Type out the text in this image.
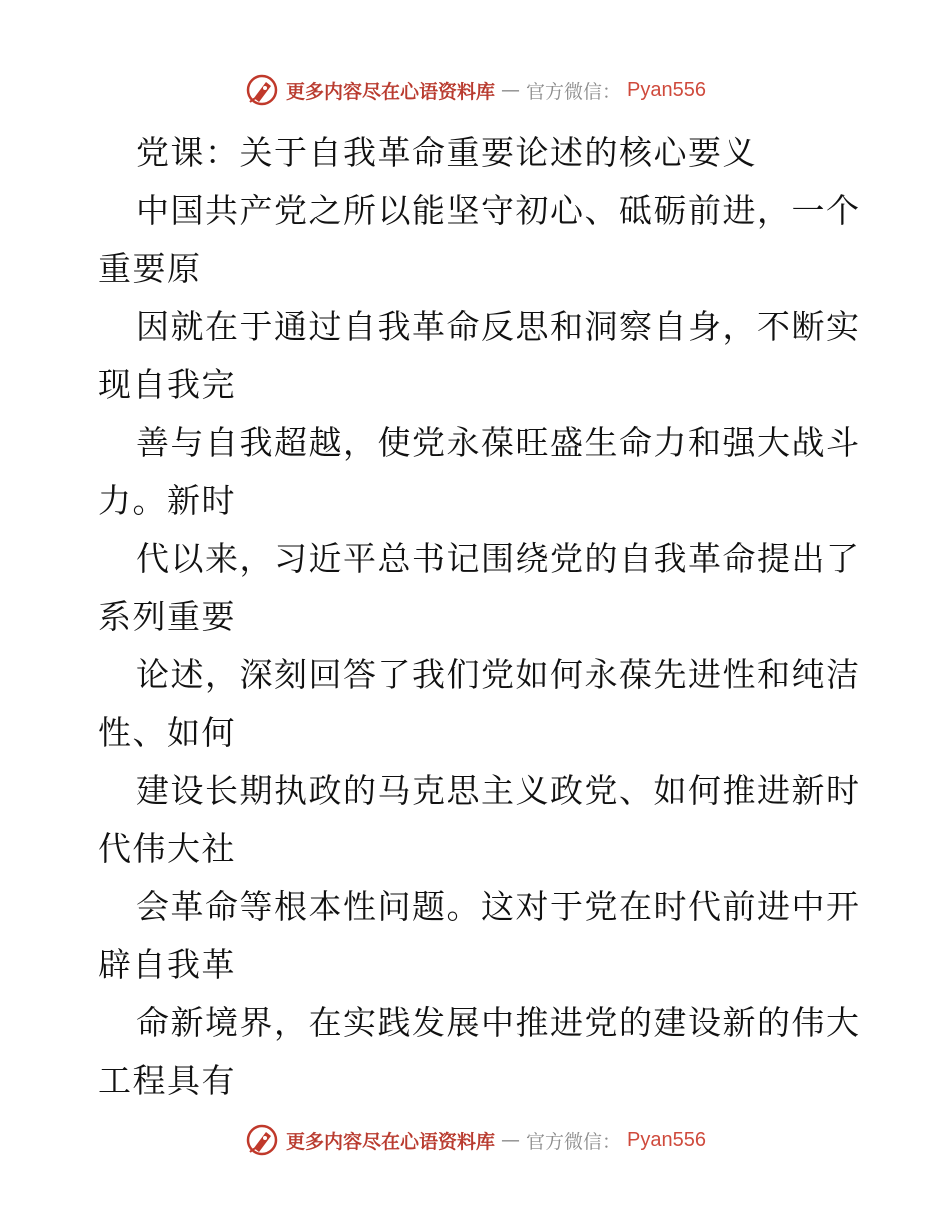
更多内容尽在心语资料库 — 官方微信： Pyan556
党课：关于自我革命重要论述的核心要义
中国共产党之所以能坚守初心、砥砺前进，一个
重要原
因就在于通过自我革命反思和洞察自身，不断实
现自我完
善与自我超越，使党永葆旺盛生命力和强大战斗
力。新时
代以来，习近平总书记围绕党的自我革命提出了
系列重要
论述，深刻回答了我们党如何永葆先进性和纯洁
性、如何
建设长期执政的马克思主义政党、如何推进新时
代伟大社
会革命等根本性问题。这对于党在时代前进中开
辟自我革
命新境界，在实践发展中推进党的建设新的伟大
工程具有
更多内容尽在心语资料库 — 官方微信： Pyan556
